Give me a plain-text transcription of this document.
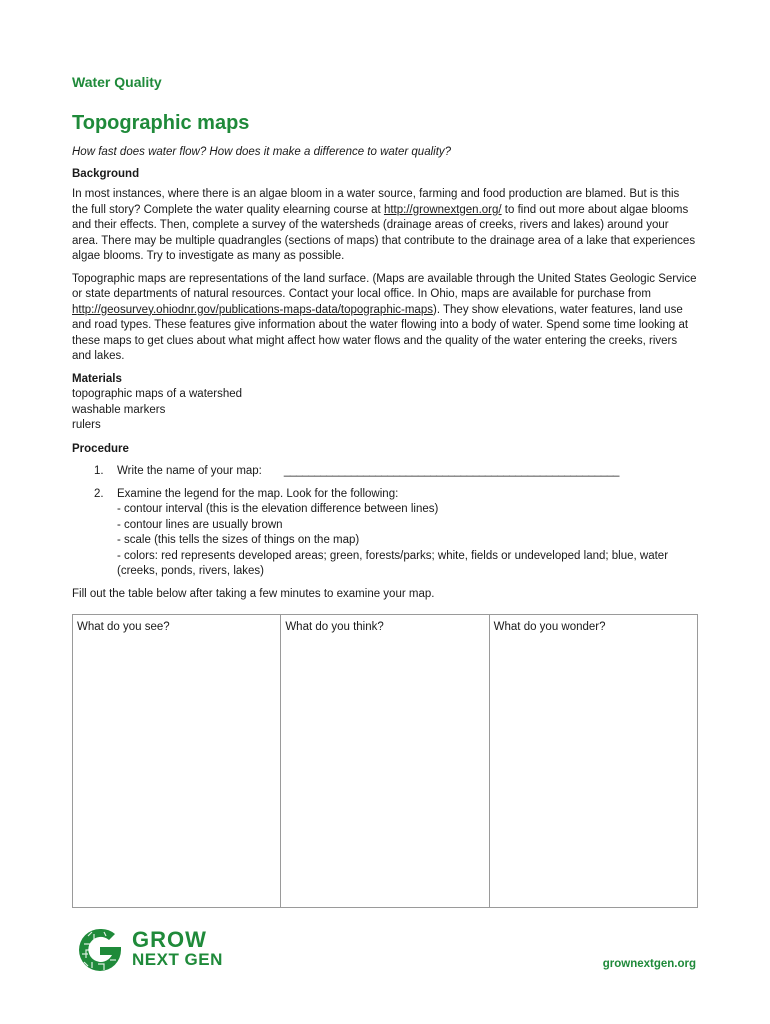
Water Quality
Topographic maps

How fast does water flow? How does it make a difference to water quality?

Background

In most instances, where there is an algae bloom in a water source, farming and food production are blamed. But is this the full story? Complete the water quality elearning course at http://grownextgen.org/ to find out more about algae blooms and their effects. Then, complete a survey of the watersheds (drainage areas of creeks, rivers and lakes) around your area. There may be multiple quadrangles (sections of maps) that contribute to the drainage area of a lake that experiences algae blooms. Try to investigate as many as possible.

Topographic maps are representations of the land surface. (Maps are available through the United States Geologic Service or state departments of natural resources. Contact your local office. In Ohio, maps are available for purchase from http://geosurvey.ohiodnr.gov/publications-maps-data/topographic-maps). They show elevations, water features, land use and road types. These features give information about the water flowing into a body of water. Spend some time looking at these maps to get clues about what might affect how water flows and the quality of the water entering the creeks, rivers and lakes.

Materials
topographic maps of a watershed
washable markers
rulers
Procedure
1.	Write the name of your map: _______________________________________________________
2.	Examine the legend for the map. Look for the following:
- contour interval (this is the elevation difference between lines)
- contour lines are usually brown
- scale (this tells the sizes of things on the map)
- colors: red represents developed areas; green, forests/parks; white, fields or undeveloped land; blue, water (creeks, ponds, rivers, lakes)

Fill out the table below after taking a few minutes to examine your map.

What do you see?	What do you think?	What do you wonder?
GROW
NEXT GEN	grownextgen.org
